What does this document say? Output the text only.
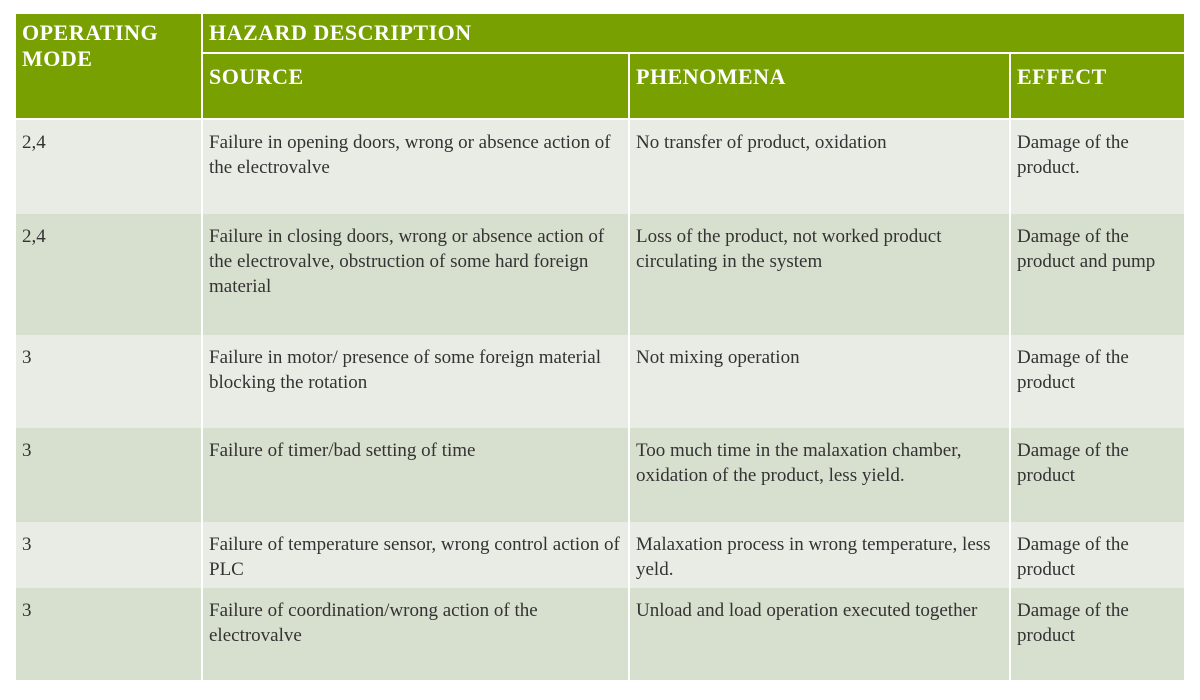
OPERATING MODE	HAZARD DESCRIPTION		
	SOURCE	PHENOMENA	EFFECT
2,4	Failure in opening doors, wrong or absence action of the electrovalve	No transfer of product, oxidation	Damage of the product.
2,4	Failure in closing doors, wrong or absence action of the electrovalve, obstruction of some hard foreign material	Loss of the product, not worked product circulating in the system	Damage of the product and pump
3	Failure in motor/ presence of some foreign material blocking the rotation	Not mixing operation	Damage of the product
3	Failure of timer/bad setting of time	Too much time in the malaxation chamber, oxidation of the product, less yield.	Damage of the product
3	Failure of temperature sensor, wrong control action of PLC	Malaxation process in wrong temperature, less yeld.	Damage of the product
3	Failure of coordination/wrong action of the electrovalve	Unload and load operation executed together	Damage of the product
